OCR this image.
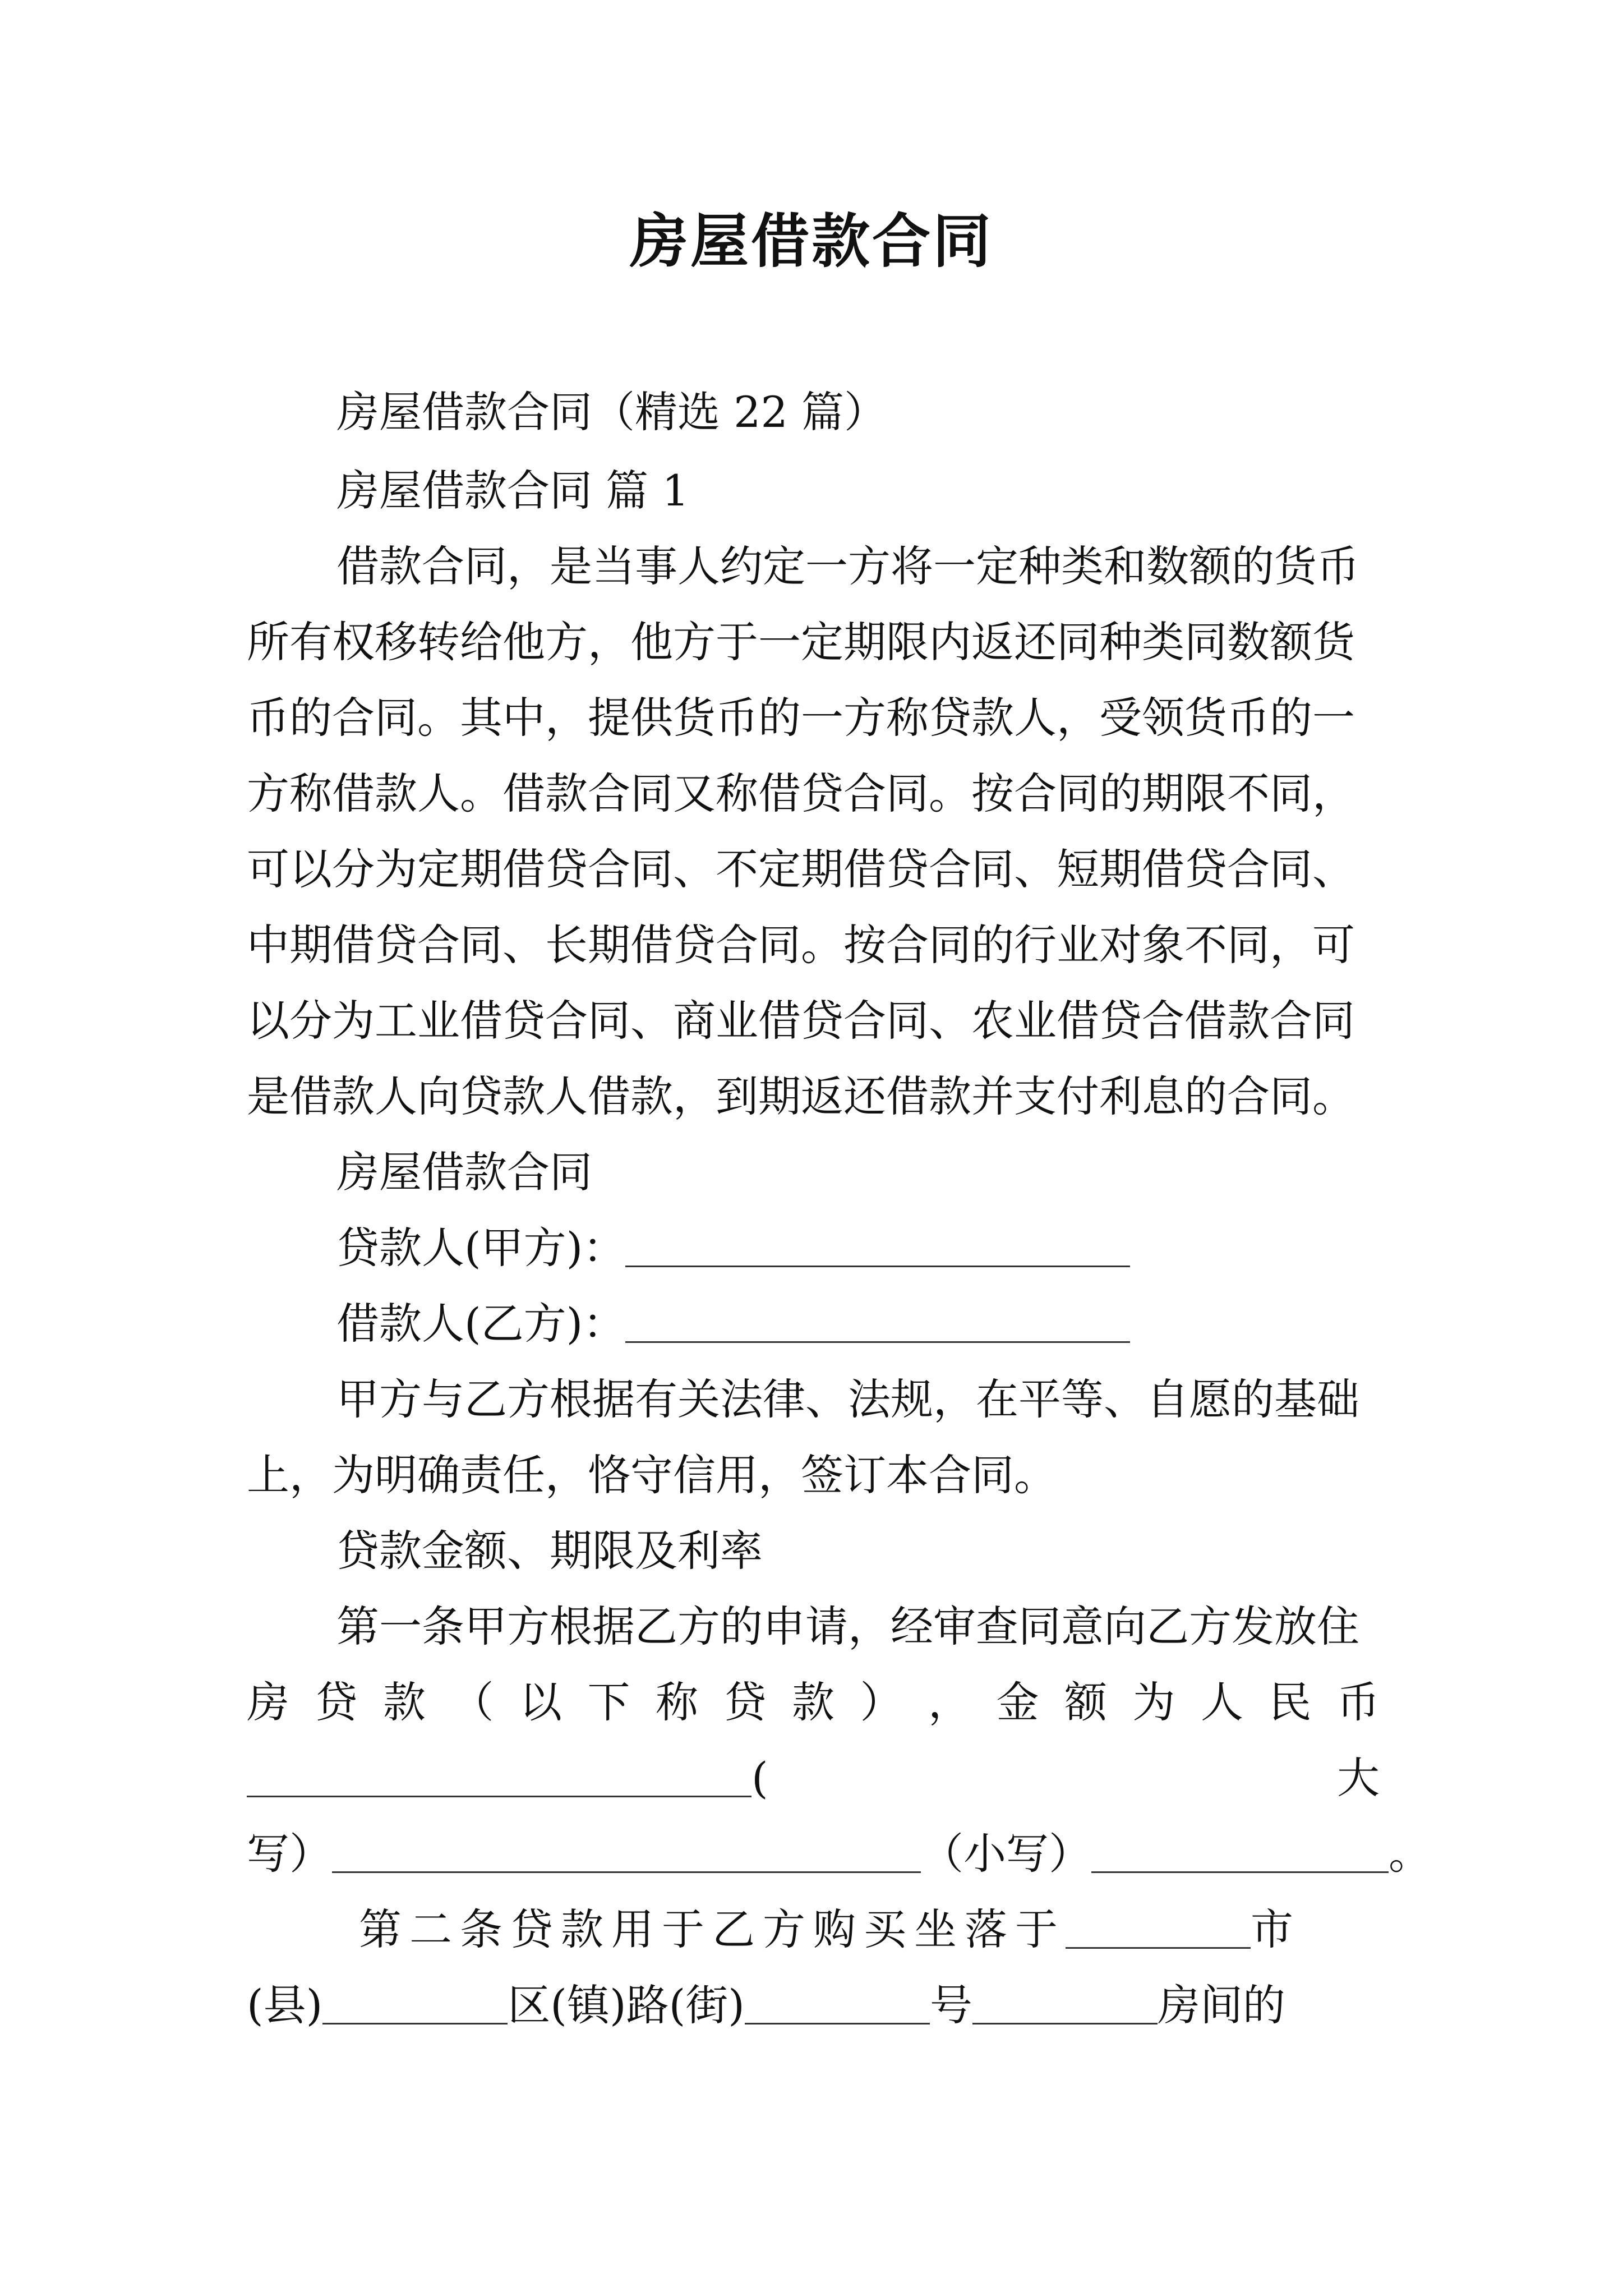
房屋借款合同
房屋借款合同（精选 22 篇）
房屋借款合同 篇 1
借款合同，是当事人约定一方将一定种类和数额的货币
所有权移转给他方，他方于一定期限内返还同种类同数额货
币的合同。其中，提供货币的一方称贷款人，受领货币的一
方称借款人。借款合同又称借贷合同。按合同的期限不同，
可以分为定期借贷合同、不定期借贷合同、短期借贷合同、
中期借贷合同、长期借贷合同。按合同的行业对象不同，可
以分为工业借贷合同、商业借贷合同、农业借贷合借款合同
是借款人向贷款人借款，到期返还借款并支付利息的合同。
房屋借款合同
贷款人(甲方)：
借款人(乙方)：
甲方与乙方根据有关法律、法规，在平等、自愿的基础
上，为明确责任，恪守信用，签订本合同。
贷款金额、期限及利率
第一条甲方根据乙方的申请，经审查同意向乙方发放住
房 贷 款 （ 以 下 称 贷 款 ） ， 金 额 为 人 民 币
(	大
写）	（小写）	。
第二条贷款用于乙方购买坐落于	市
(县)	区(镇)路(街)	号	房间的
